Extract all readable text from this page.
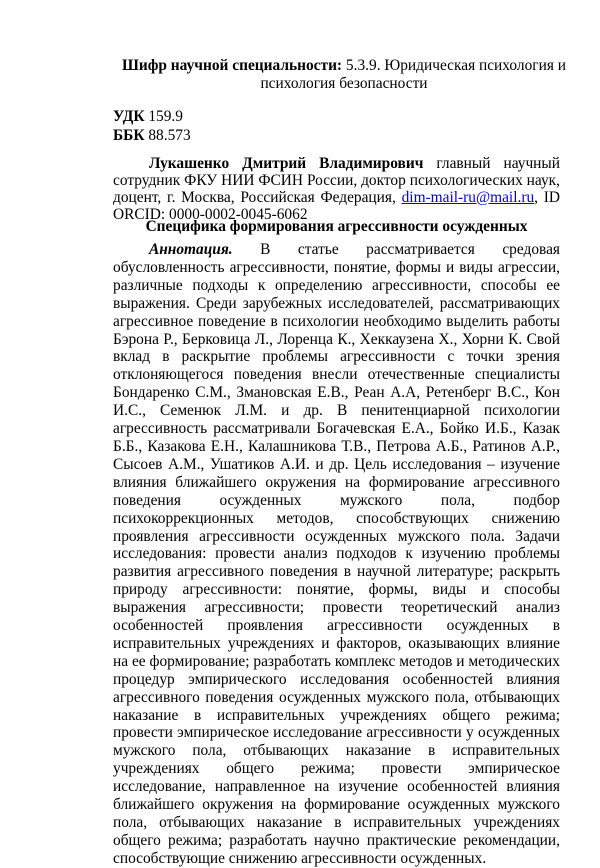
Шифр научной специальности: 5.3.9. Юридическая психология и психология безопасности
УДК 159.9
ББК 88.573

Лукашенко Дмитрий Владимирович главный научный сотрудник ФКУ НИИ ФСИН России, доктор психологических наук, доцент, г. Москва, Российская Федерация, dim-mail-ru@mail.ru, ID ORCID: 0000-0002-0045-6062

Специфика формирования агрессивности осужденных

Аннотация. В статье рассматривается средовая обусловленность агрессивности, понятие, формы и виды агрессии, различные подходы к определению агрессивности, способы ее выражения. Среди зарубежных исследователей, рассматривающих агрессивное поведение в психологии необходимо выделить работы Бэрона Р., Берковица Л., Лоренца К., Хеккаузена Х., Хорни К. Свой вклад в раскрытие проблемы агрессивности с точки зрения отклоняющегося поведения внесли отечественные специалисты Бондаренко С.М., Змановская Е.В., Реан А.А, Ретенберг В.С., Кон И.С., Семенюк Л.М. и др. В пенитенциарной психологии агрессивность рассматривали Богачевская Е.А., Бойко И.Б., Казак Б.Б., Казакова Е.Н., Калашникова Т.В., Петрова А.Б., Ратинов А.Р., Сысоев А.М., Ушатиков А.И. и др. Цель исследования – изучение влияния ближайшего окружения на формирование агрессивного поведения осужденных мужского пола, подбор психокоррекционных методов, способствующих снижению проявления агрессивности осужденных мужского пола. Задачи исследования: провести анализ подходов к изучению проблемы развития агрессивного поведения в научной литературе; раскрыть природу агрессивности: понятие, формы, виды и способы выражения агрессивности; провести теоретический анализ особенностей проявления агрессивности осужденных в исправительных учреждениях и факторов, оказывающих влияние на ее формирование; разработать комплекс методов и методических процедур эмпирического исследования особенностей влияния агрессивного поведения осужденных мужского пола, отбывающих наказание в исправительных учреждениях общего режима; провести эмпирическое исследование агрессивности у осужденных мужского пола, отбывающих наказание в исправительных учреждениях общего режима; провести эмпирическое исследование, направленное на изучение особенностей влияния ближайшего окружения на формирование осужденных мужского пола, отбывающих наказание в исправительных учреждениях общего режима; разработать научно практические рекомендации, способствующие снижению агрессивности осужденных.
